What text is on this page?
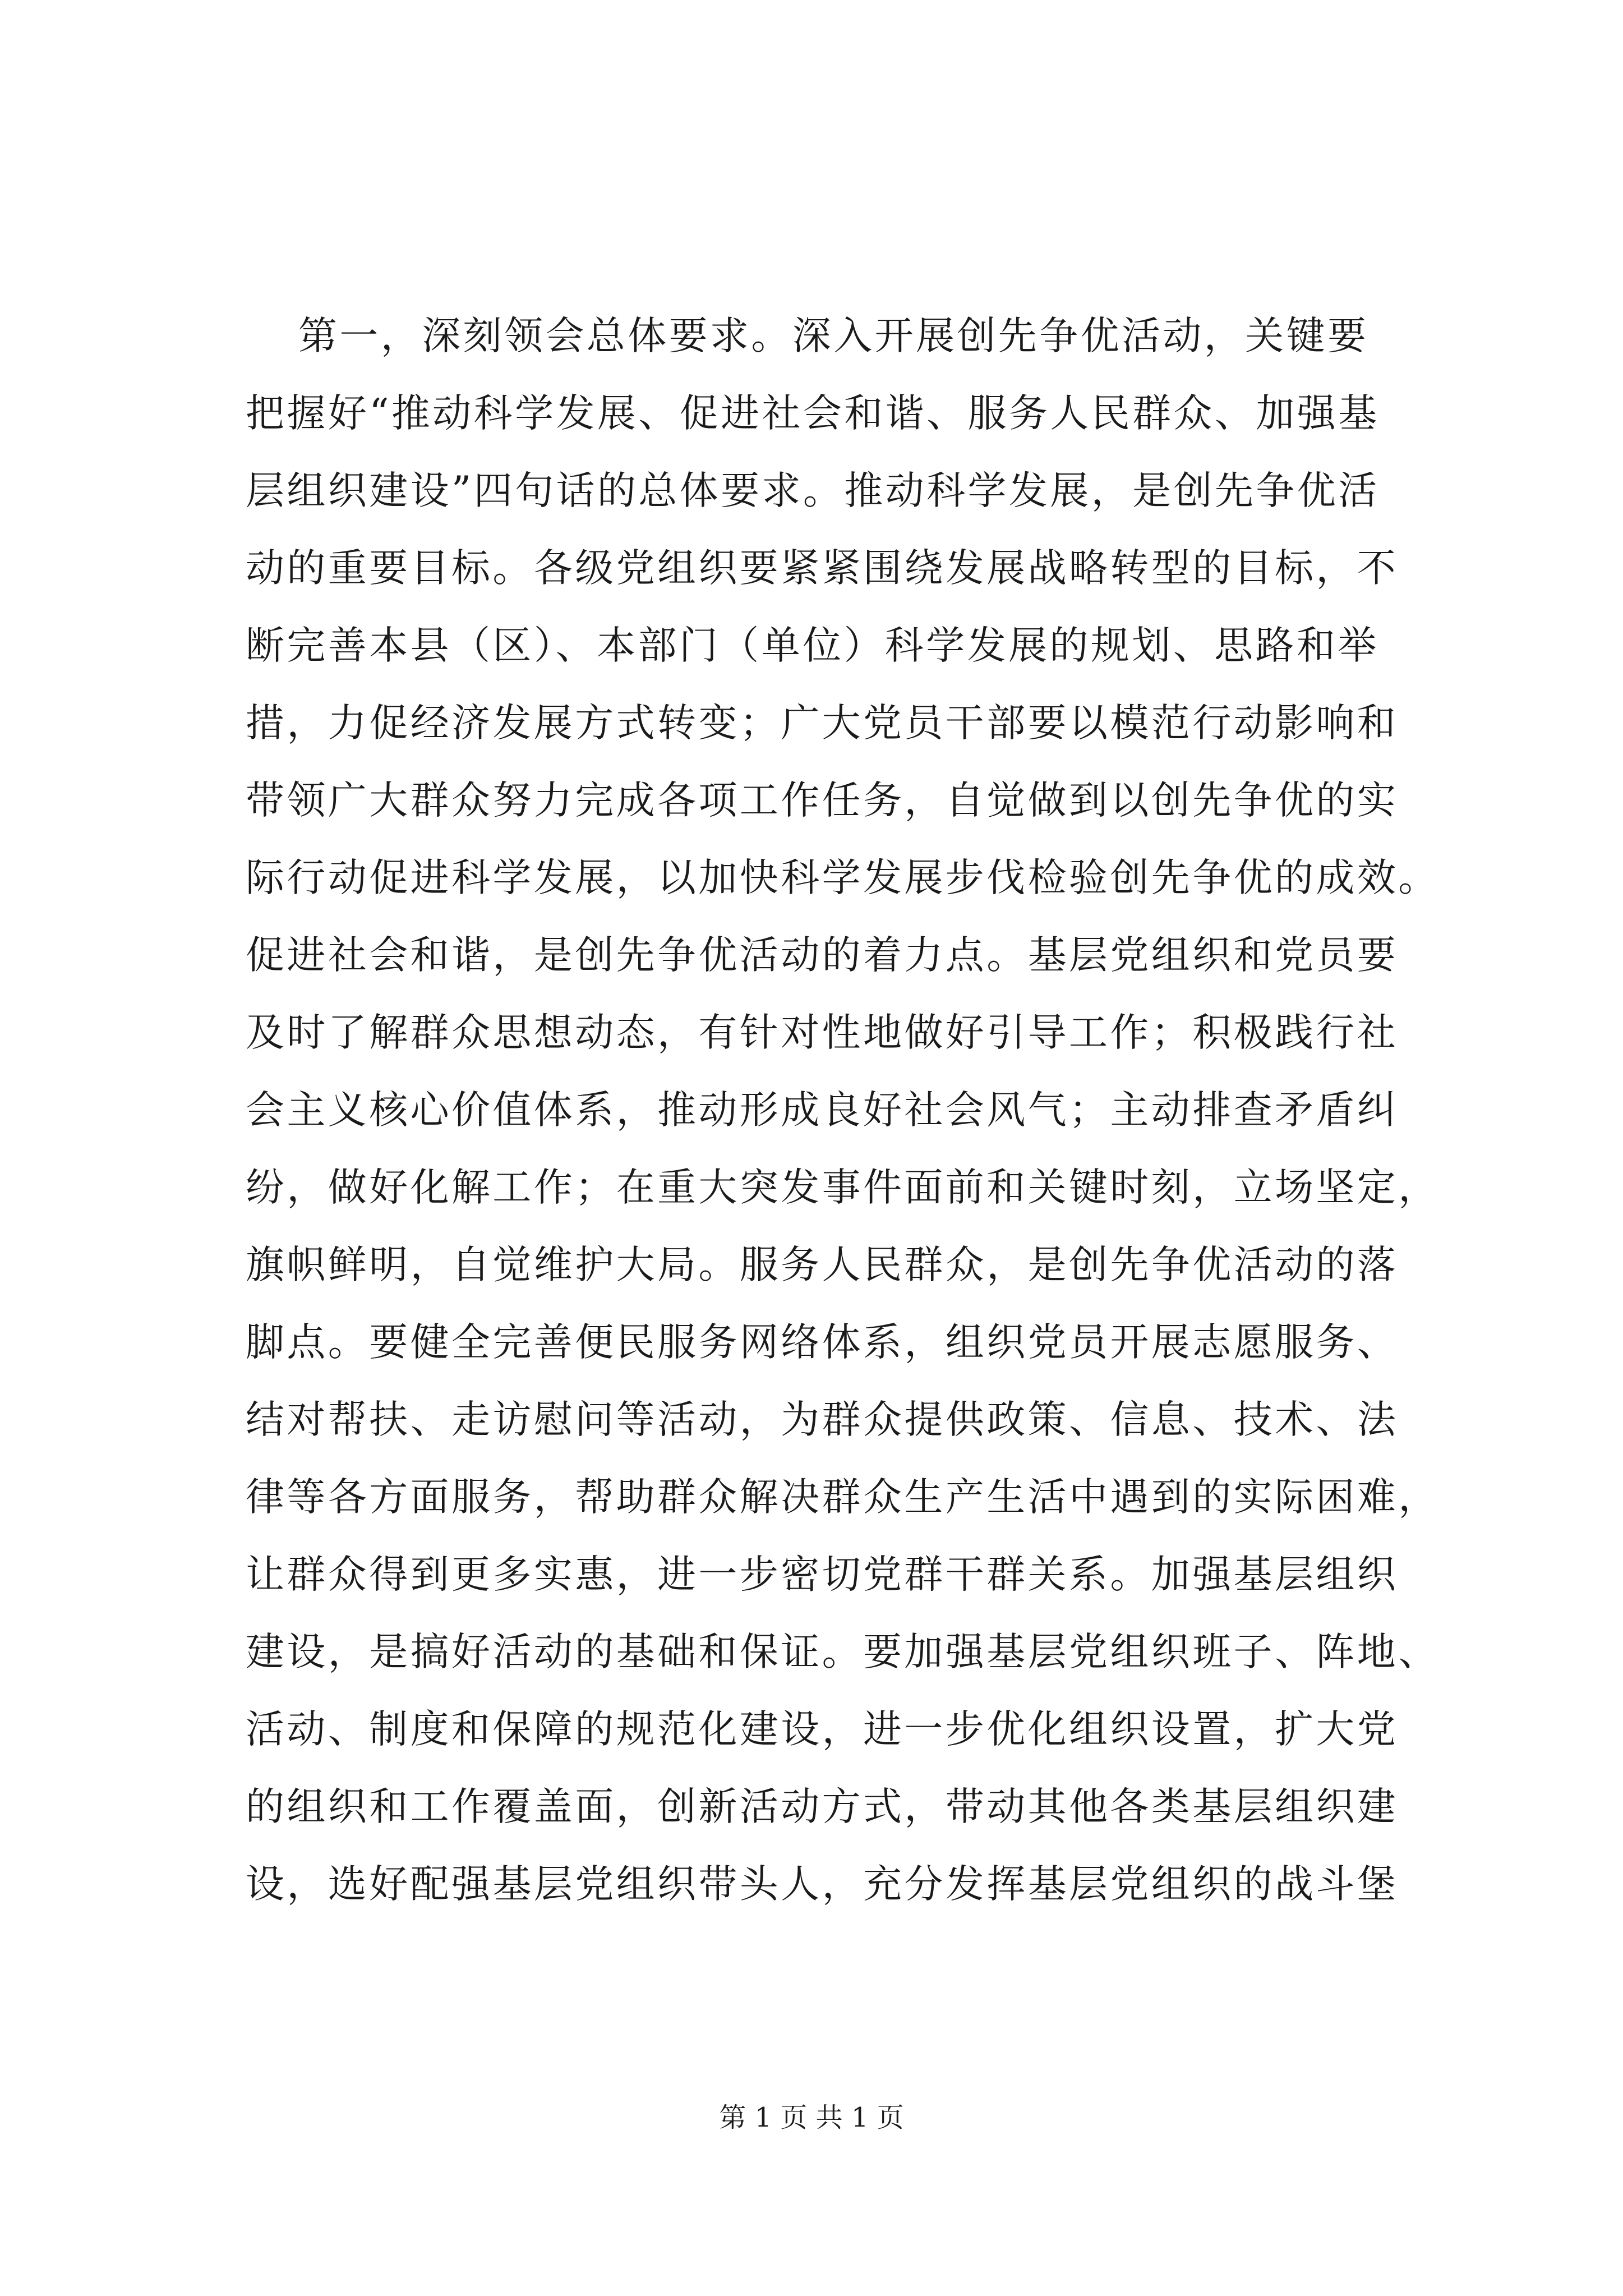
第一，深刻领会总体要求。深入开展创先争优活动，关键要
把握好“推动科学发展、促进社会和谐、服务人民群众、加强基
层组织建设”四句话的总体要求。推动科学发展，是创先争优活
动的重要目标。各级党组织要紧紧围绕发展战略转型的目标，不
断完善本县（区）、本部门（单位）科学发展的规划、思路和举
措，力促经济发展方式转变；广大党员干部要以模范行动影响和
带领广大群众努力完成各项工作任务，自觉做到以创先争优的实
际行动促进科学发展，以加快科学发展步伐检验创先争优的成效。
促进社会和谐，是创先争优活动的着力点。基层党组织和党员要
及时了解群众思想动态，有针对性地做好引导工作；积极践行社
会主义核心价值体系，推动形成良好社会风气；主动排查矛盾纠
纷，做好化解工作；在重大突发事件面前和关键时刻，立场坚定，
旗帜鲜明，自觉维护大局。服务人民群众，是创先争优活动的落
脚点。要健全完善便民服务网络体系，组织党员开展志愿服务、
结对帮扶、走访慰问等活动，为群众提供政策、信息、技术、法
律等各方面服务，帮助群众解决群众生产生活中遇到的实际困难，
让群众得到更多实惠，进一步密切党群干群关系。加强基层组织
建设，是搞好活动的基础和保证。要加强基层党组织班子、阵地、
活动、制度和保障的规范化建设，进一步优化组织设置，扩大党
的组织和工作覆盖面，创新活动方式，带动其他各类基层组织建
设，选好配强基层党组织带头人，充分发挥基层党组织的战斗堡
第 1 页 共 1 页
